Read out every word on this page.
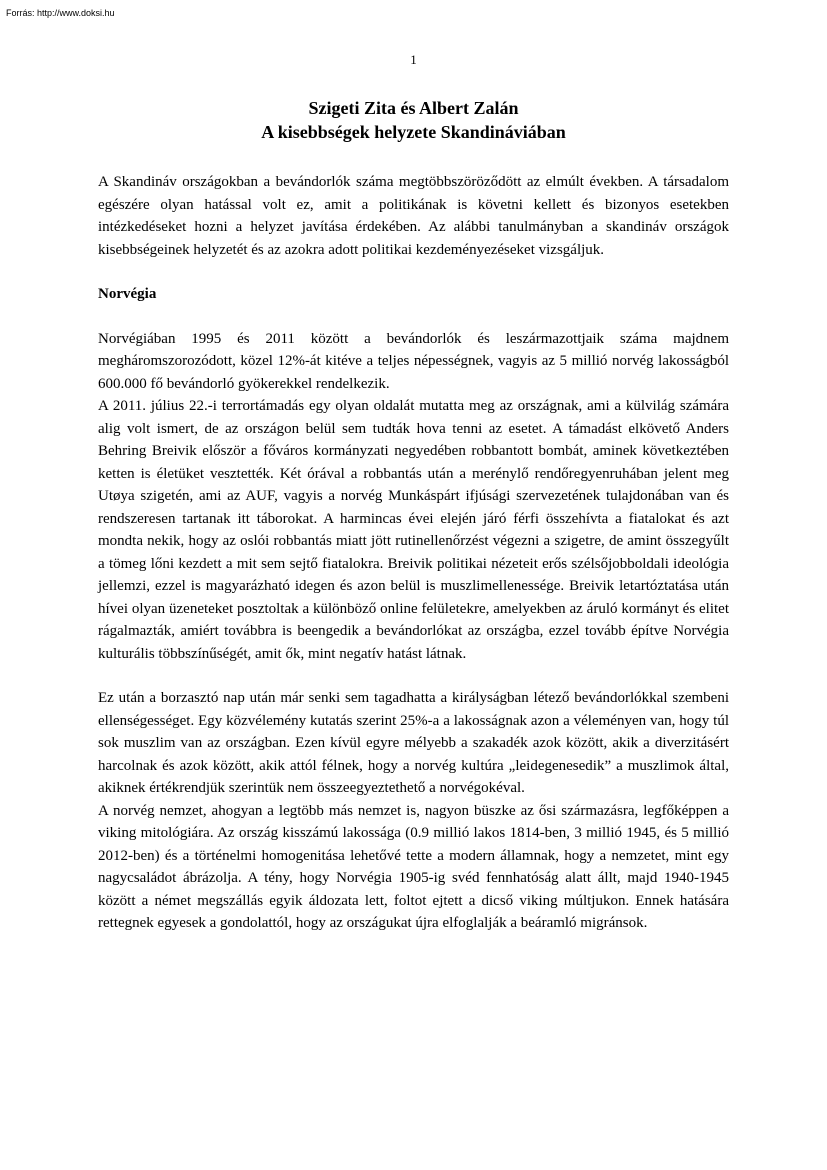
Forrás: http://www.doksi.hu
1
Szigeti Zita és Albert Zalán
A kisebbségek helyzete Skandináviában

A Skandináv országokban a bevándorlók száma megtöbbszöröződött az elmúlt években. A társadalom egészére olyan hatással volt ez, amit a politikának is követni kellett és bizonyos esetekben intézkedéseket hozni a helyzet javítása érdekében. Az alábbi tanulmányban a skandináv országok kisebbségeinek helyzetét és az azokra adott politikai kezdeményezéseket vizsgáljuk.

Norvégia

Norvégiában 1995 és 2011 között a bevándorlók és leszármazottjaik száma majdnem megháromszorozódott, közel 12%-át kitéve a teljes népességnek, vagyis az 5 millió norvég lakosságból 600.000 fő bevándorló gyökerekkel rendelkezik.

A 2011. július 22.-i terrortámadás egy olyan oldalát mutatta meg az országnak, ami a külvilág számára alig volt ismert, de az országon belül sem tudták hova tenni az esetet. A támadást elkövető Anders Behring Breivik először a főváros kormányzati negyedében robbantott bombát, aminek következtében ketten is életüket vesztették. Két órával a robbantás után a merénylő rendőregyenruhában jelent meg Utøya szigetén, ami az AUF, vagyis a norvég Munkáspárt ifjúsági szervezetének tulajdonában van és rendszeresen tartanak itt táborokat. A harmincas évei elején járó férfi összehívta a fiatalokat és azt mondta nekik, hogy az oslói robbantás miatt jött rutinellenőrzést végezni a szigetre, de amint összegyűlt a tömeg lőni kezdett a mit sem sejtő fiatalokra. Breivik politikai nézeteit erős szélsőjobboldali ideológia jellemzi, ezzel is magyarázható idegen és azon belül is muszlimellenessége. Breivik letartóztatása után hívei olyan üzeneteket posztoltak a különböző online felületekre, amelyekben az áruló kormányt és elitet rágalmazták, amiért továbbra is beengedik a bevándorlókat az országba, ezzel tovább építve Norvégia kulturális többszínűségét, amit ők, mint negatív hatást látnak.

Ez után a borzasztó nap után már senki sem tagadhatta a királyságban létező bevándorlókkal szembeni ellenségességet. Egy közvélemény kutatás szerint 25%-a a lakosságnak azon a véleményen van, hogy túl sok muszlim van az országban. Ezen kívül egyre mélyebb a szakadék azok között, akik a diverzitásért harcolnak és azok között, akik attól félnek, hogy a norvég kultúra „leidegenesedik” a muszlimok által, akiknek értékrendjük szerintük nem összeegyeztethető a norvégokéval.

A norvég nemzet, ahogyan a legtöbb más nemzet is, nagyon büszke az ősi származásra, legfőképpen a viking mitológiára. Az ország kisszámú lakossága (0.9 millió lakos 1814-ben, 3 millió 1945, és 5 millió 2012-ben) és a történelmi homogenitása lehetővé tette a modern államnak, hogy a nemzetet, mint egy nagycsaládot ábrázolja. A tény, hogy Norvégia 1905-ig svéd fennhatóság alatt állt, majd 1940-1945 között a német megszállás egyik áldozata lett, foltot ejtett a dicső viking múltjukon. Ennek hatására rettegnek egyesek a gondolattól, hogy az országukat újra elfoglalják a beáramló migránsok.
